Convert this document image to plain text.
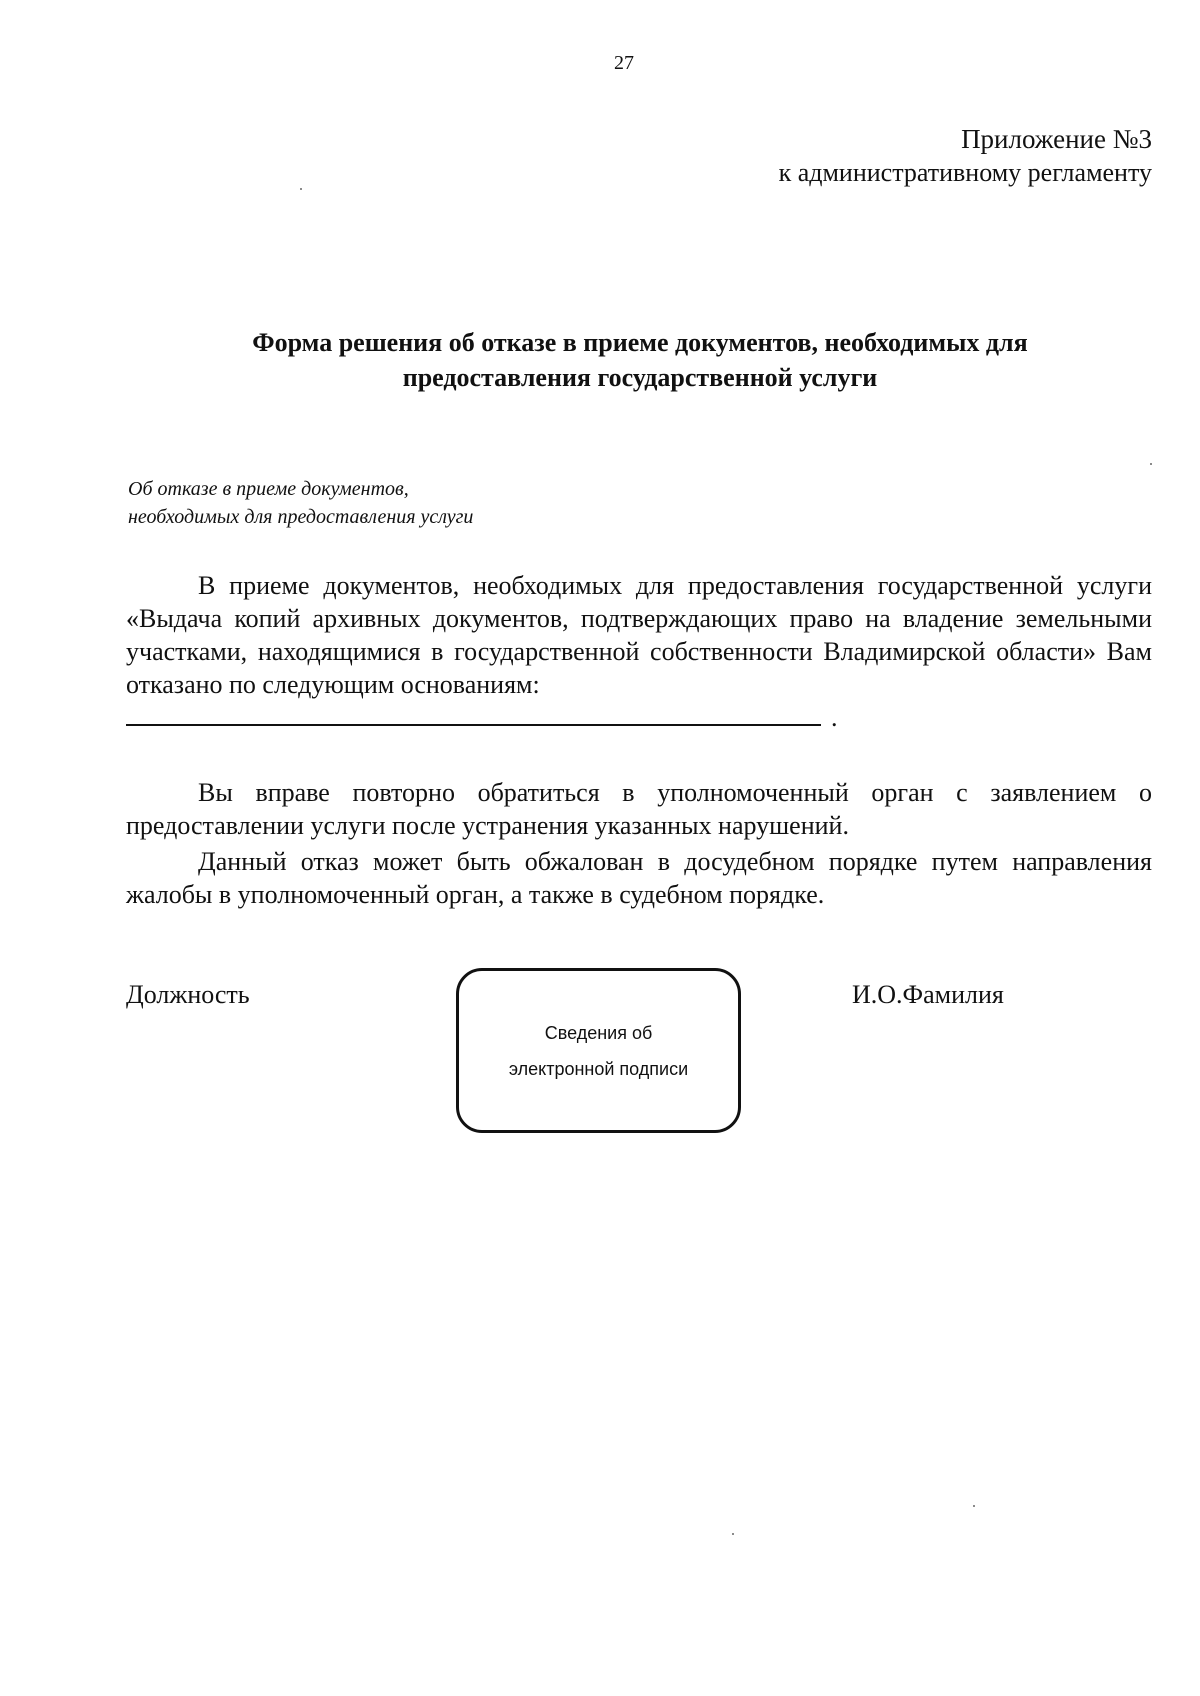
27
Приложение №3
к административному регламенту
Форма решения об отказе в приеме документов, необходимых для
предоставления государственной услуги
Об отказе в приеме документов,
необходимых для предоставления услуги
В приеме документов, необходимых для предоставления государственной услуги «Выдача копий архивных документов, подтверждающих право на владение земельными участками, находящимися в государственной собственности Владимирской области» Вам отказано по следующим основаниям:
.
Вы вправе повторно обратиться в уполномоченный орган с заявлением о предоставлении услуги после устранения указанных нарушений.
Данный отказ может быть обжалован в досудебном порядке путем направления жалобы в уполномоченный орган, а также в судебном порядке.
Должность
Сведения об
электронной подписи
И.О.Фамилия
